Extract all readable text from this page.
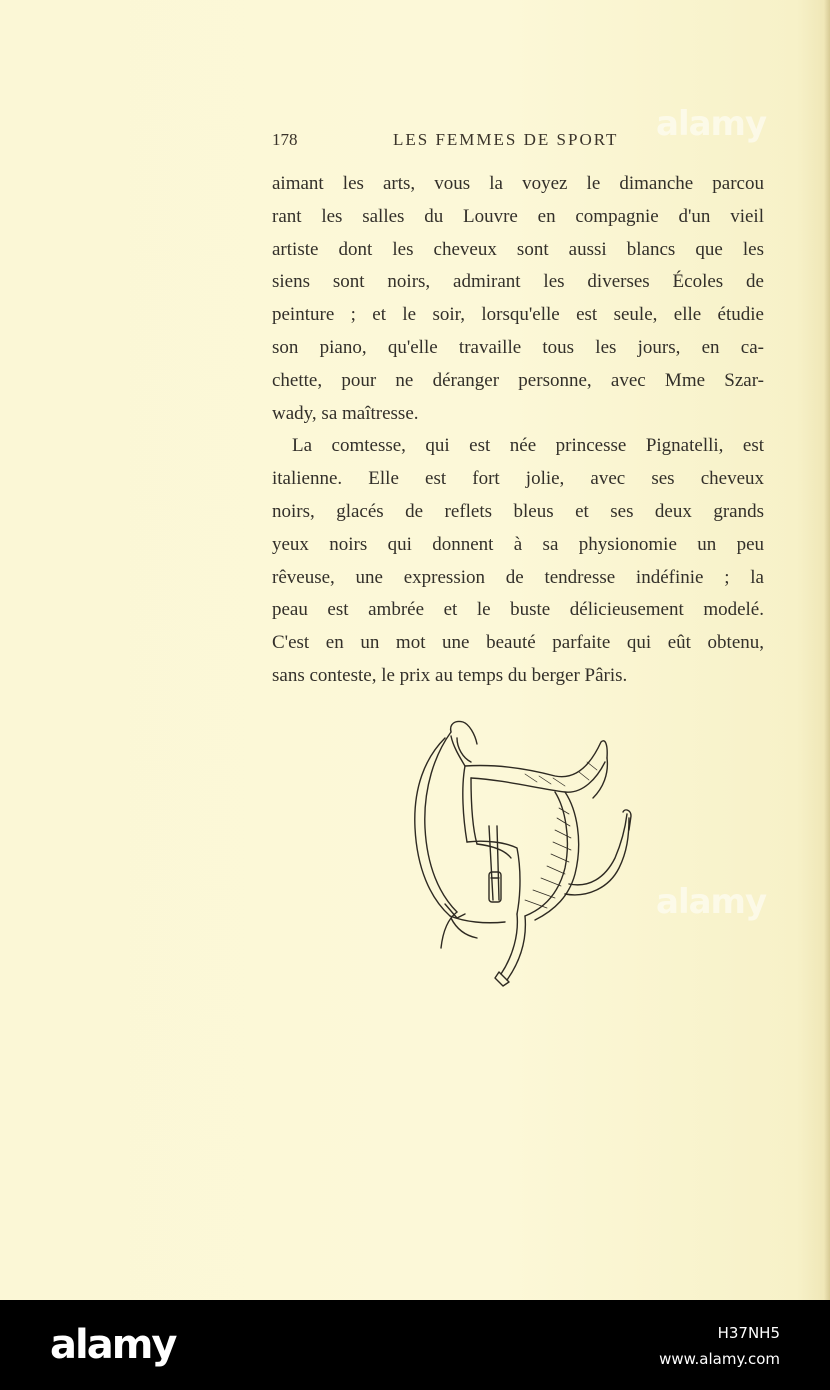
178	LES FEMMES DE SPORT
aimant les arts, vous la voyez le dimanche parcou
rant les salles du Louvre en compagnie d'un vieil
artiste dont les cheveux sont aussi blancs que les
siens sont noirs, admirant les diverses Écoles de
peinture ; et le soir, lorsqu'elle est seule, elle étudie
son piano, qu'elle travaille tous les jours, en ca-
chette, pour ne déranger personne, avec Mme Szar-
wady, sa maîtresse.
La comtesse, qui est née princesse Pignatelli, est
italienne. Elle est fort jolie, avec ses cheveux
noirs, glacés de reflets bleus et ses deux grands
yeux noirs qui donnent à sa physionomie un peu
rêveuse, une expression de tendresse indéfinie ; la
peau est ambrée et le buste délicieusement modelé.
C'est en un mot une beauté parfaite qui eût obtenu,
sans conteste, le prix au temps du berger Pâris.
alamy
alamy
alamy	H37NH5
www.alamy.com
